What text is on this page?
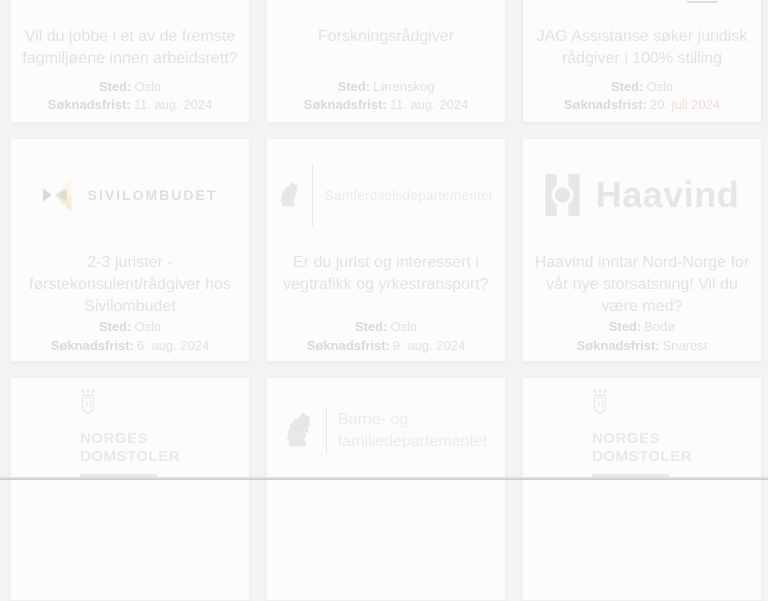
Vil du jobbe i et av de fremste fagmiljøene innen arbeidsrett?

Sted: Oslo

Søknadsfrist: 11. aug. 2024

Forskningsrådgiver

Sted: Lørenskog

Søknadsfrist: 11. aug. 2024

JAG Assistanse søker juridisk rådgiver i 100% stilling

Sted: Oslo

Søknadsfrist: 20. juli 2024

SIVILOMBUDET
2-3 jurister - førstekonsulent/rådgiver hos Sivilombudet

Sted: Oslo

Søknadsfrist: 6. aug. 2024

Samferdselsdepartementet
Er du jurist og interessert i vegtrafikk og yrkestransport?

Sted: Oslo

Søknadsfrist: 9. aug. 2024

Haavind
Haavind inntar Nord-Norge for vår nye storsatsning! Vil du være med?

Sted: Bodø

Søknadsfrist: Snarest

NORGES
DOMSTOLER
Barne- og
familiedepartementet	NORGES
DOMSTOLER
